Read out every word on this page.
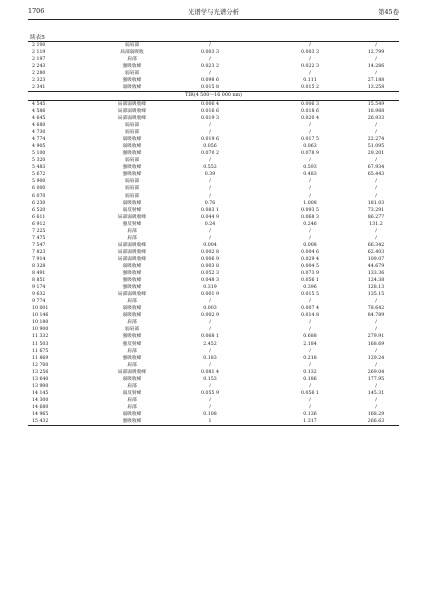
1706	光谱学与光谱分析	第45卷
续表5
2 100	弱肩部	/	/	/
2 119	局部弱吸收	0.003 3	0.003 3	12.799
2 197	肩部	/	/	/
2 243	强吸收峰	0.023 2	0.022 3	14.286
2 280	弱肩部	/	/	/
2 323	强吸收峰	0.098 6	0.111	27.188
2 341	弱吸收峰	0.015 8	0.015 2	13.258
TIR(4 500～16 000 nm)
4 545	局部弱吸收峰	0.006 4	0.006 3	15.549
4 586	局部弱吸收峰	0.016 6	0.018 6	18.988
4 645	局部弱吸收峰	0.019 3	0.020 4	26.933
4 680	弱肩部	/	/	/
4 730	弱肩部	/	/	/
4 774	弱吸收峰	0.019 6	0.017 5	22.274
4 905	弱吸收峰	0.056	0.063	51.095
5 100	强吸收峰	0.070 2	0.078 9	29.201
5 320	弱肩部	/	/	/
5 483	强吸收峰	0.552	0.593	67.934
5 672	强吸收峰	0.39	0.483	65.443
5 900	弱肩部	/	/	/
6 000	弱肩部	/	/	/
6 070	弱肩部	/	/	/
6 230	弱吸收峰	0.76	1.008	181.03
6 520	弱反射峰	0.083 1	0.093 5	73.291
6 611	局部弱吸收峰	0.044 9	0.068 3	86.277
6 912	强反射峰	0.24	0.246	131.2
7 225	肩部	/	/	/
7 475	肩部	/	/	/
7 547	局部弱吸收峰	0.004	0.008	66.342
7 823	局部弱吸收峰	0.002 8	0.004 6	62.403
7 914	局部弱吸收峰	0.006 9	0.029 4	109.07
8 328	弱吸收峰	0.003 8	0.004 5	44.679
8 491	强吸收峰	0.052 3	0.073 9	133.36
8 851	强吸收峰	0.048 3	0.056 1	124.38
9 174	强吸收峰	0.319	0.396	128.13
9 632	局部弱吸收峰	0.001 9	0.015 5	135.15
9 774	肩部	/	/	/
10 001	弱吸收峰	0.003	0.007 4	78.642
10 146	弱吸收峰	0.002 9	0.014 8	84.789
10 180	肩部	/	/	/
10 900	弱肩部	/	/	/
11 332	强吸收峰	0.068 1	0.688	279.91
11 503	强反射峰	2.452	2.184	168.69
11 675	肩部	/	/	/
11 869	强吸收峰	0.183	0.218	129.24
12 700	肩部	/	/	/
13 256	局部弱吸收峰	0.081 4	0.132	269.04
13 640	弱吸收峰	0.153	0.186	177.95
13 900	肩部	/	/	/
14 145	弱反射峰	0.055 9	0.056 1	145.31
14 300	肩部	/	/	/
14 680	肩部	/	/	/
14 965	弱吸收峰	0.108	0.136	168.29
15 432	强吸收峰	1	1.317	266.63
